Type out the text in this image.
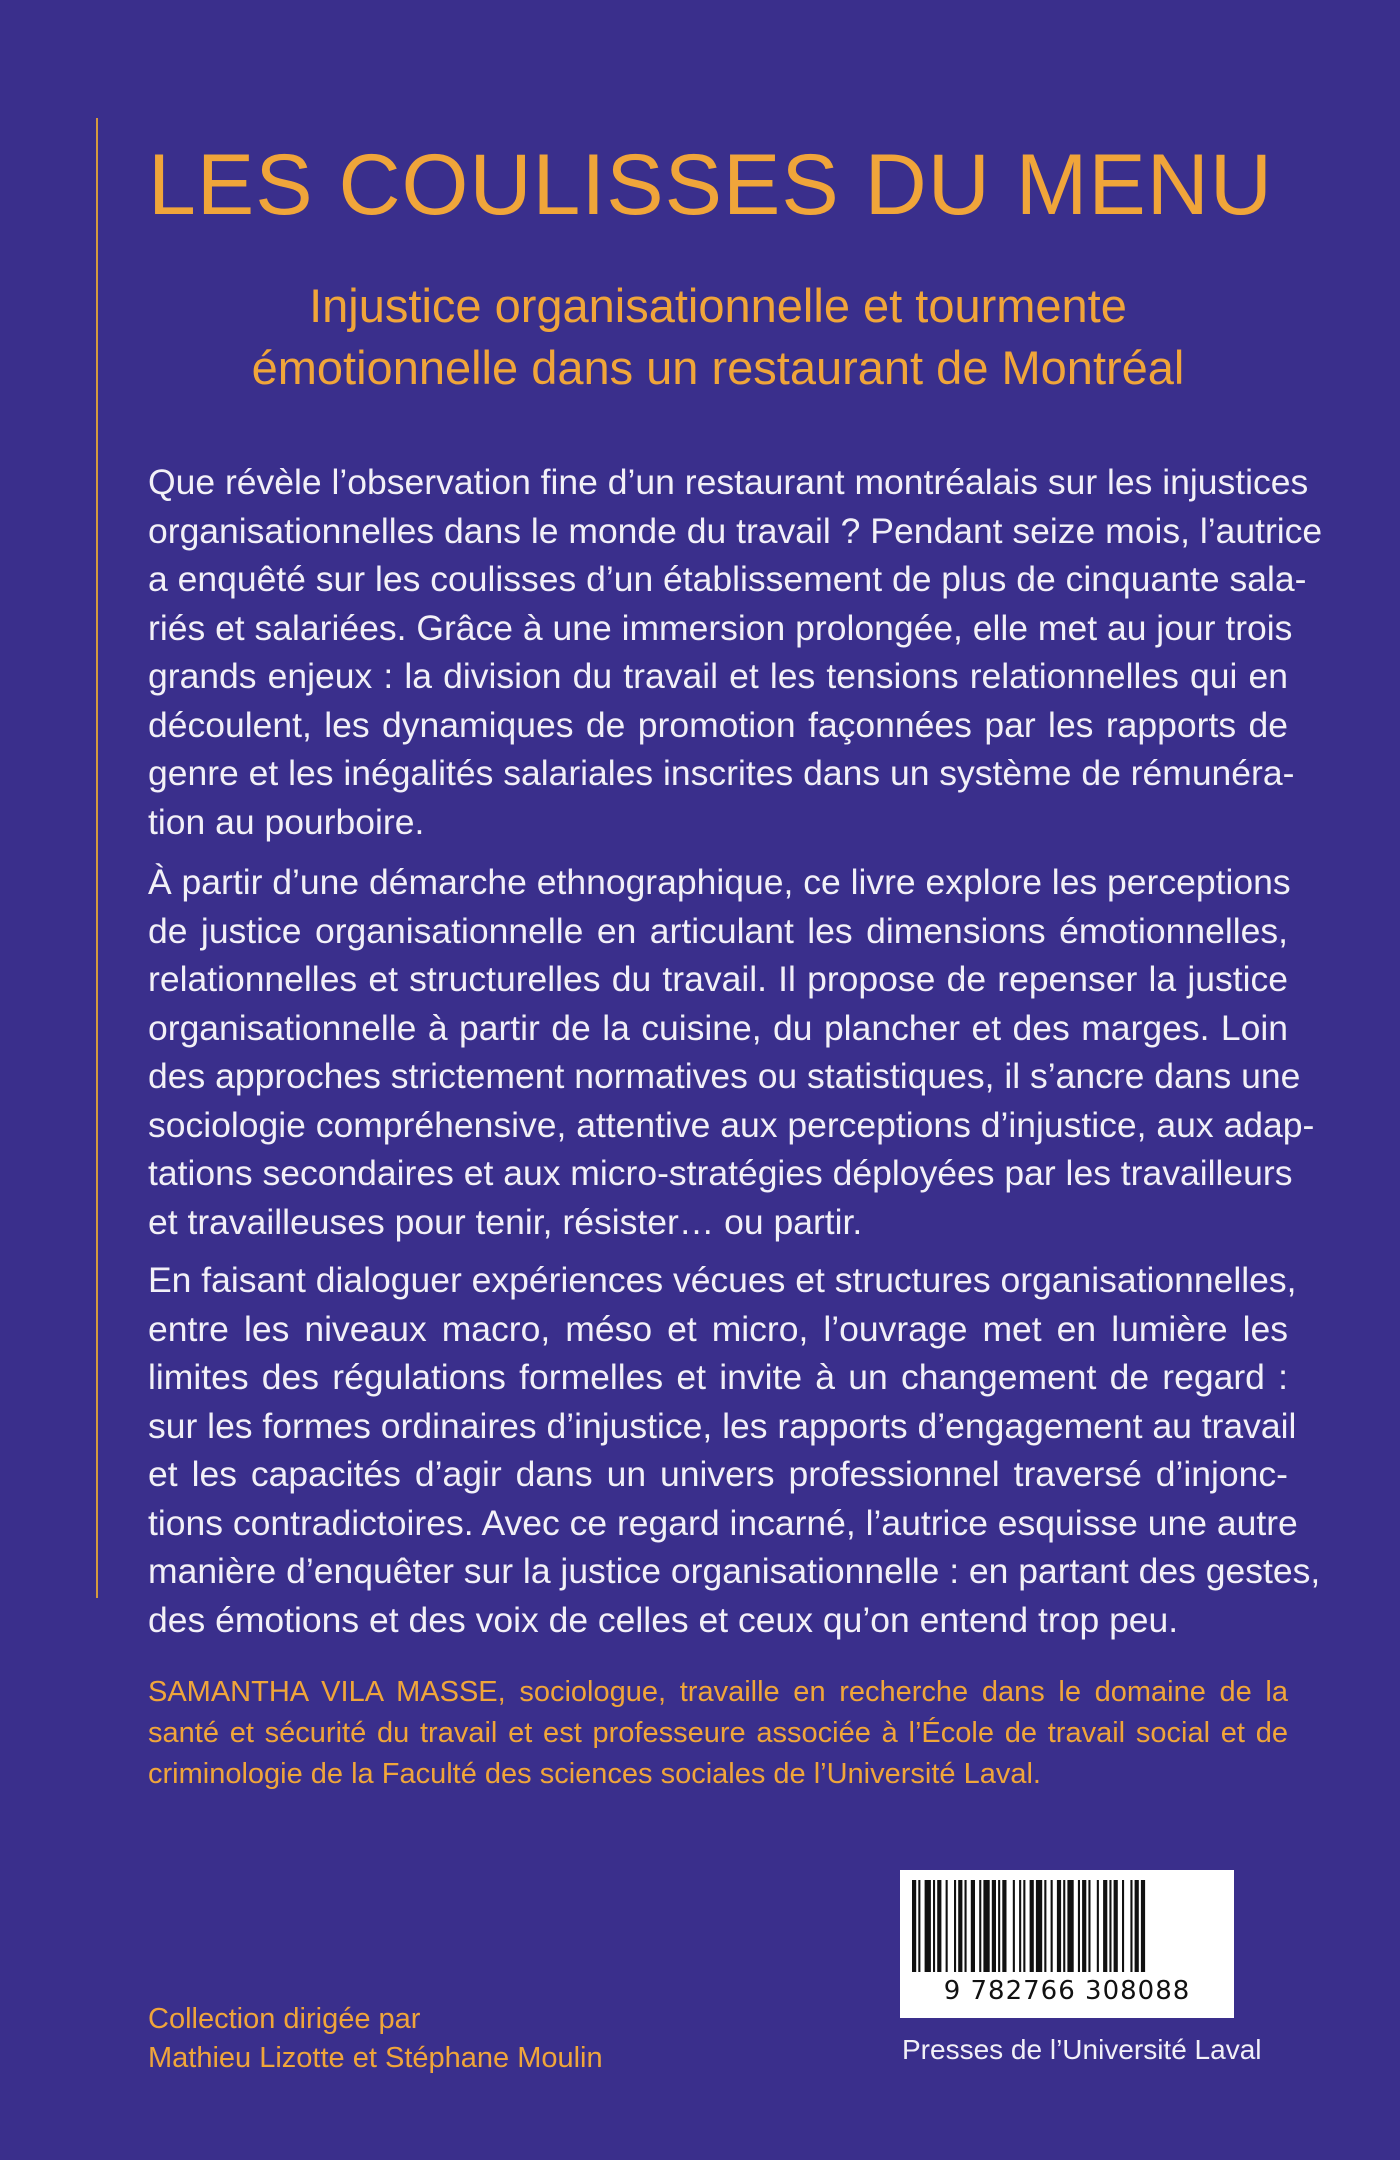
LES COULISSES DU MENU
Injustice organisationnelle et tourmente
émotionnelle dans un restaurant de Montréal
Que révèle l’observation fine d’un restaurant montréalais sur les injustices
organisationnelles dans le monde du travail ? Pendant seize mois, l’autrice
a enquêté sur les coulisses d’un établissement de plus de cinquante sala-
riés et salariées. Grâce à une immersion prolongée, elle met au jour trois
grands enjeux : la division du travail et les tensions relationnelles qui en
découlent, les dynamiques de promotion façonnées par les rapports de
genre et les inégalités salariales inscrites dans un système de rémunéra-
tion au pourboire.
À partir d’une démarche ethnographique, ce livre explore les perceptions
de justice organisationnelle en articulant les dimensions émotionnelles,
relationnelles et structurelles du travail. Il propose de repenser la justice
organisationnelle à partir de la cuisine, du plancher et des marges. Loin
des approches strictement normatives ou statistiques, il s’ancre dans une
sociologie compréhensive, attentive aux perceptions d’injustice, aux adap-
tations secondaires et aux micro-stratégies déployées par les travailleurs
et travailleuses pour tenir, résister… ou partir.
En faisant dialoguer expériences vécues et structures organisationnelles,
entre les niveaux macro, méso et micro, l’ouvrage met en lumière les
limites des régulations formelles et invite à un changement de regard :
sur les formes ordinaires d’injustice, les rapports d’engagement au travail
et les capacités d’agir dans un univers professionnel traversé d’injonc-
tions contradictoires. Avec ce regard incarné, l’autrice esquisse une autre
manière d’enquêter sur la justice organisationnelle : en partant des gestes,
des émotions et des voix de celles et ceux qu’on entend trop peu.
SAMANTHA VILA MASSE, sociologue, travaille en recherche dans le domaine de la
santé et sécurité du travail et est professeure associée à l’École de travail social et de
criminologie de la Faculté des sciences sociales de l’Université Laval.
9 782766 308088
Presses de l’Université Laval
Collection dirigée par
Mathieu Lizotte et Stéphane Moulin
